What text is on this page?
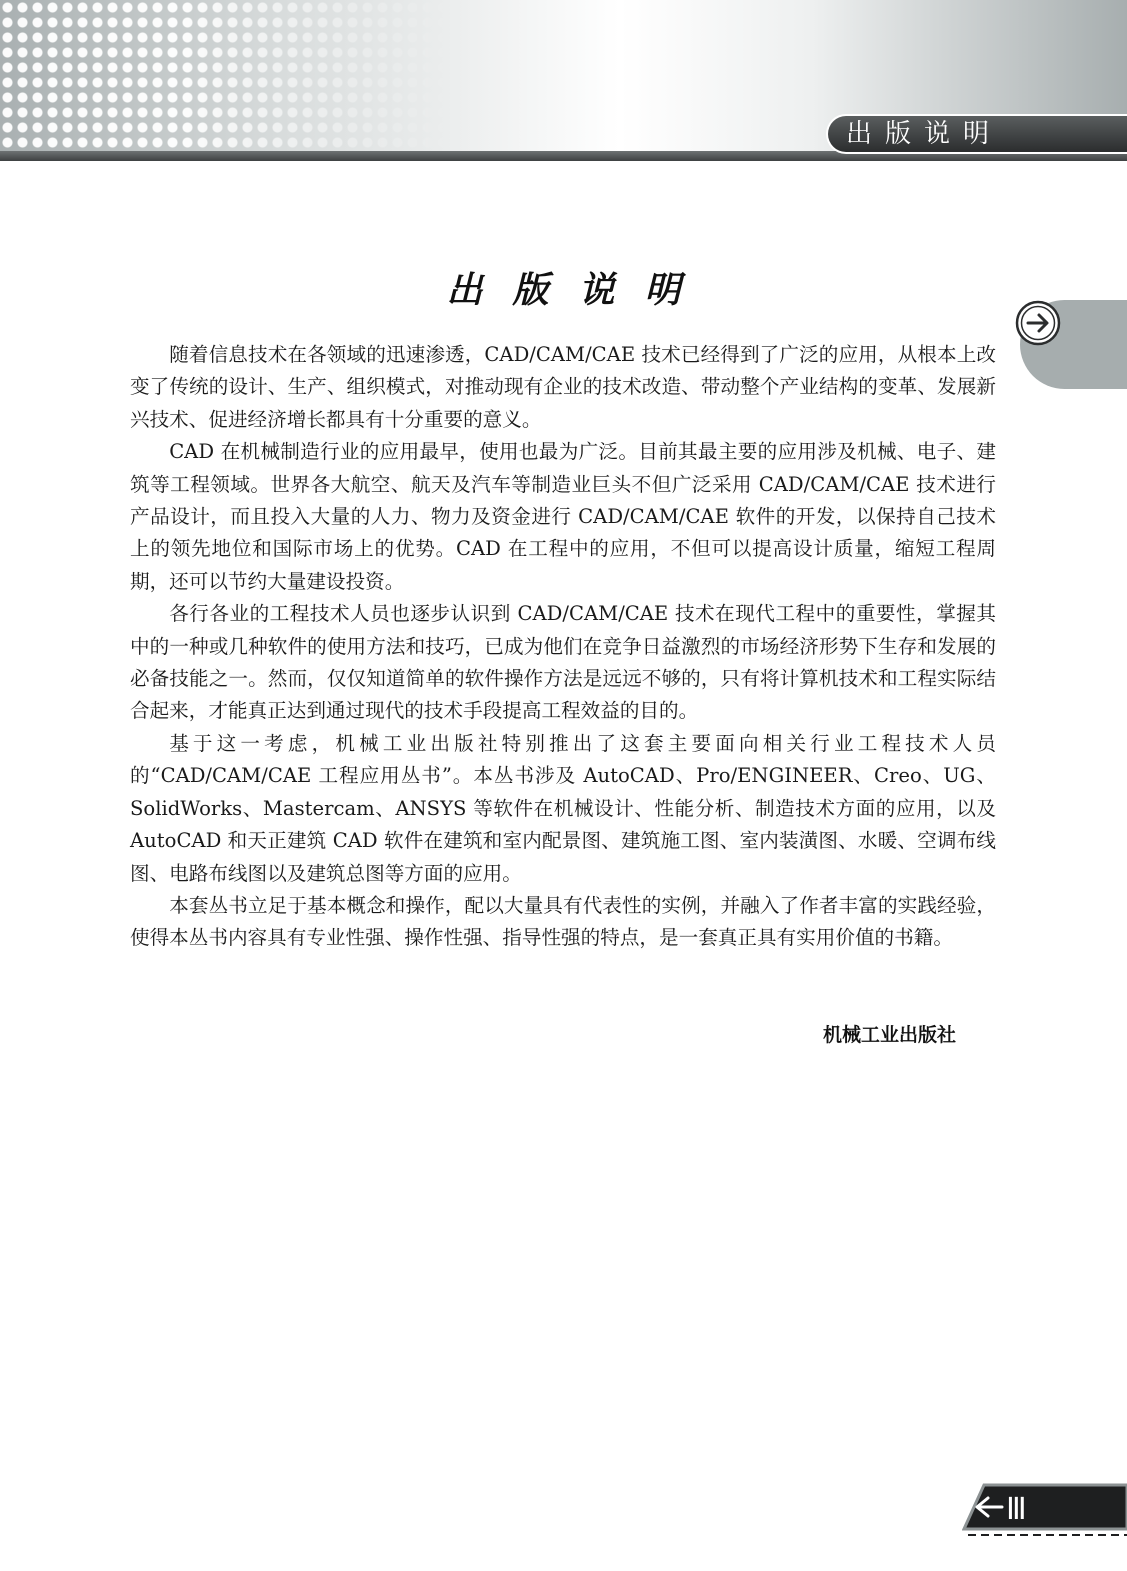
出版说明
出版说明

随着信息技术在各领域的迅速渗透，CAD/CAM/CAE 技术已经得到了广泛的应用，从根本上改变了传统的设计、生产、组织模式，对推动现有企业的技术改造、带动整个产业结构的变革、发展新兴技术、促进经济增长都具有十分重要的意义。

CAD 在机械制造行业的应用最早，使用也最为广泛。目前其最主要的应用涉及机械、电子、建筑等工程领域。世界各大航空、航天及汽车等制造业巨头不但广泛采用 CAD/CAM/CAE 技术进行产品设计，而且投入大量的人力、物力及资金进行 CAD/CAM/CAE 软件的开发，以保持自己技术上的领先地位和国际市场上的优势。CAD 在工程中的应用，不但可以提高设计质量，缩短工程周期，还可以节约大量建设投资。

各行各业的工程技术人员也逐步认识到 CAD/CAM/CAE 技术在现代工程中的重要性，掌握其中的一种或几种软件的使用方法和技巧，已成为他们在竞争日益激烈的市场经济形势下生存和发展的必备技能之一。然而，仅仅知道简单的软件操作方法是远远不够的，只有将计算机技术和工程实际结合起来，才能真正达到通过现代的技术手段提高工程效益的目的。

基于这一考虑，机械工业出版社特别推出了这套主要面向相关行业工程技术人员的“CAD/CAM/CAE 工程应用丛书”。本丛书涉及 AutoCAD、Pro/ENGINEER、Creo、UG、SolidWorks、Mastercam、ANSYS 等软件在机械设计、性能分析、制造技术方面的应用，以及 AutoCAD 和天正建筑 CAD 软件在建筑和室内配景图、建筑施工图、室内装潢图、水暖、空调布线图、电路布线图以及建筑总图等方面的应用。

本套丛书立足于基本概念和操作，配以大量具有代表性的实例，并融入了作者丰富的实践经验，使得本丛书内容具有专业性强、操作性强、指导性强的特点，是一套真正具有实用价值的书籍。

机械工业出版社
Ⅲ
